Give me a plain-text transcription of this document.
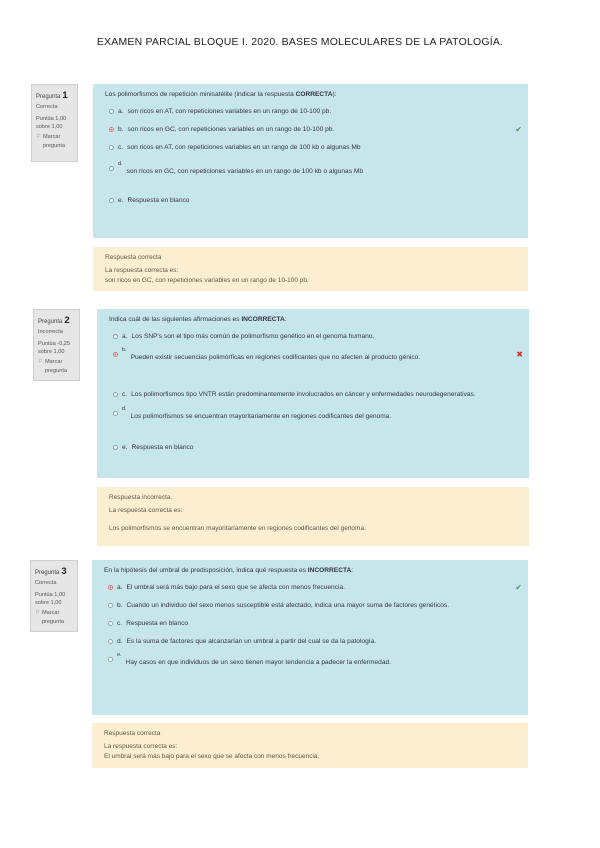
EXAMEN PARCIAL BLOQUE I. 2020. BASES MOLECULARES DE LA PATOLOGÍA.
Pregunta 1
Correcta
Puntúa 1,00 sobre 1,00
⚐ Marcar pregunta
Los polimorfismos de repetición minisatélite (indicar la respuesta CORRECTA):
a. son ricos en AT, con repeticiones variables en un rango de 10-100 pb.
b. son ricos en GC, con repeticiones variables en un rango de 10-100 pb.	✔
c. son ricos en AT, con repeticiones variables en un rango de 100 kb o algunas Mb
d.
son ricos en GC, con repeticiones variables en un rango de 100 kb o algunas Mb
e. Respuesta en blanco
Respuesta correcta
La respuesta correcta es:
son ricos en GC, con repeticiones variables en un rango de 10-100 pb.
Pregunta 2
Incorrecta
Puntúa -0,25 sobre 1,00
⚐ Marcar pregunta
Indica cuál de las siguientes afirmaciones es INCORRECTA:
a. Los SNP's son el tipo más común de polimorfismo genético en el genoma humano.
b.
Pueden existir secuencias polimórficas en regiones codificantes que no afecten al producto génico.	✖
c. Los polimorfismos tipo VNTR están predominantemente involucrados en cáncer y enfermedades neurodegenerativas.
d.
Los polimorfismos se encuentran mayoritariamente en regiones codificantes del genoma.
e. Respuesta en blanco
Respuesta incorrecta.
La respuesta correcta es:
Los polimorfismos se encuentran mayoritariamente en regiones codificantes del genoma.
Pregunta 3
Correcta
Puntúa 1,00 sobre 1,00
⚐ Marcar pregunta
En la hipótesis del umbral de predisposición, indica qué respuesta es INCORRECTA:
a. El umbral será más bajo para el sexo que se afecta con menos frecuencia.	✔
b. Cuando un individuo del sexo menos susceptible está afectado, indica una mayor suma de factores genéticos.
c. Respuesta en blanco
d. Es la suma de factores que alcanzarían un umbral a partir del cual se da la patología.
e.
Hay casos en que individuos de un sexo tienen mayor tendencia a padecer la enfermedad.
Respuesta correcta
La respuesta correcta es:
El umbral será más bajo para el sexo que se afecta con menos frecuencia.
